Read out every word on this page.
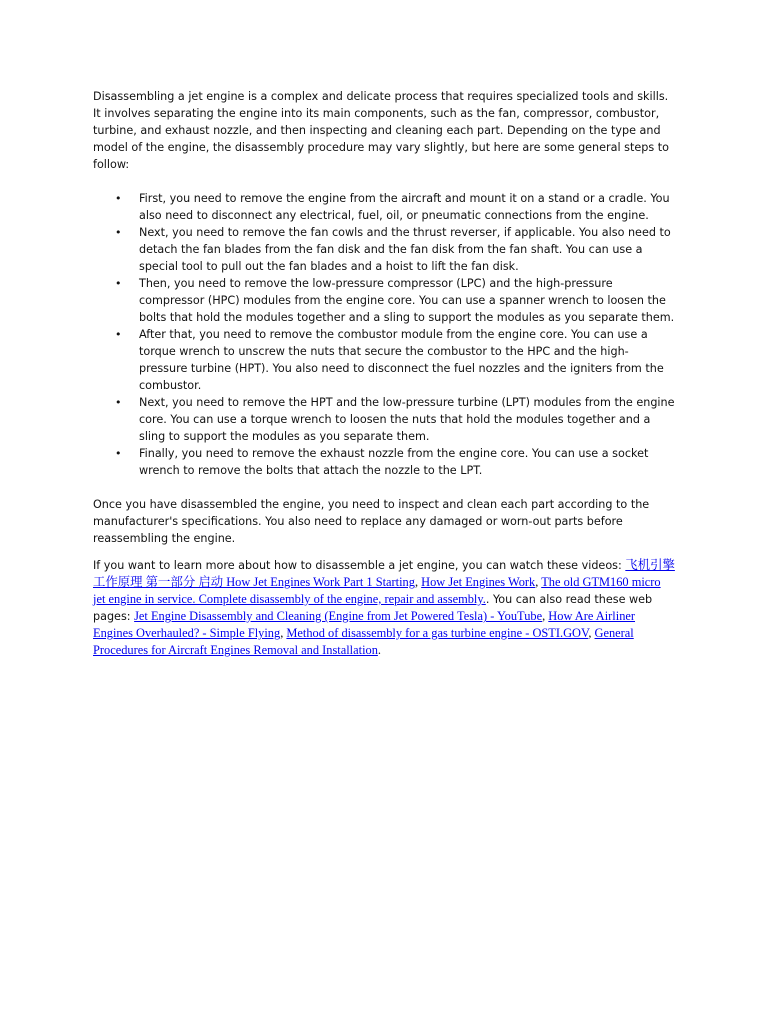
Disassembling a jet engine is a complex and delicate process that requires specialized tools and skills. It involves separating the engine into its main components, such as the fan, compressor, combustor, turbine, and exhaust nozzle, and then inspecting and cleaning each part. Depending on the type and model of the engine, the disassembly procedure may vary slightly, but here are some general steps to follow:

• First, you need to remove the engine from the aircraft and mount it on a stand or a cradle. You also need to disconnect any electrical, fuel, oil, or pneumatic connections from the engine.
• Next, you need to remove the fan cowls and the thrust reverser, if applicable. You also need to detach the fan blades from the fan disk and the fan disk from the fan shaft. You can use a special tool to pull out the fan blades and a hoist to lift the fan disk.
• Then, you need to remove the low-pressure compressor (LPC) and the high-pressure compressor (HPC) modules from the engine core. You can use a spanner wrench to loosen the bolts that hold the modules together and a sling to support the modules as you separate them.
• After that, you need to remove the combustor module from the engine core. You can use a torque wrench to unscrew the nuts that secure the combustor to the HPC and the high-pressure turbine (HPT). You also need to disconnect the fuel nozzles and the igniters from the combustor.
• Next, you need to remove the HPT and the low-pressure turbine (LPT) modules from the engine core. You can use a torque wrench to loosen the nuts that hold the modules together and a sling to support the modules as you separate them.
• Finally, you need to remove the exhaust nozzle from the engine core. You can use a socket wrench to remove the bolts that attach the nozzle to the LPT.

Once you have disassembled the engine, you need to inspect and clean each part according to the manufacturer's specifications. You also need to replace any damaged or worn-out parts before reassembling the engine.

If you want to learn more about how to disassemble a jet engine, you can watch these videos: 飞机引擎工作原理 第一部分 启动 How Jet Engines Work Part 1 Starting, How Jet Engines Work, The old GTM160 micro jet engine in service. Complete disassembly of the engine, repair and assembly.. You can also read these web pages: Jet Engine Disassembly and Cleaning (Engine from Jet Powered Tesla) - YouTube, How Are Airliner Engines Overhauled? - Simple Flying, Method of disassembly for a gas turbine engine - OSTI.GOV, General Procedures for Aircraft Engines Removal and Installation.
